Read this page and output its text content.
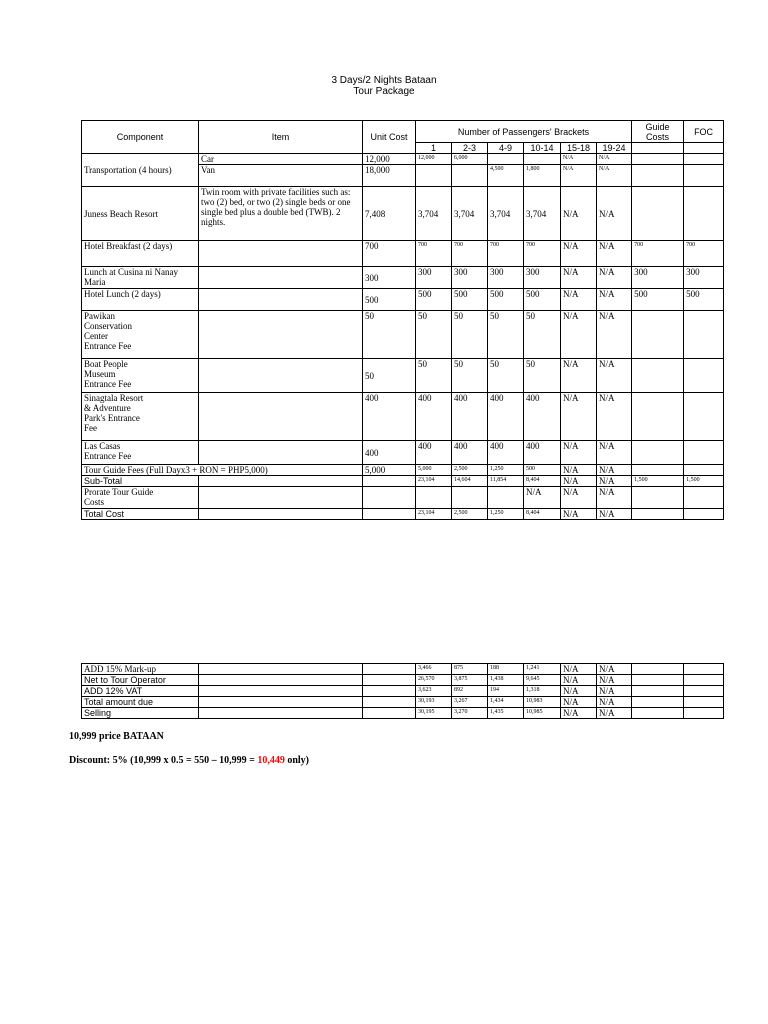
3 Days/2 Nights Bataan
Tour Package
Component	Item	Unit Cost	Number of Passengers' Brackets						Guide Costs	FOC
			1	2-3	4-9	10-14	15-18	19-24		
Transportation (4 hours)	Car	12,000	12,000	6,000			N/A	N/A		
	Van	18,000			4,500	1,800	N/A	N/A		
Juness Beach Resort	Twin room with private facilities such as: two (2) bed, or two (2) single beds or one single bed plus a double bed (TWB). 2 nights.	7,408	3,704	3,704	3,704	3,704	N/A	N/A		
Hotel Breakfast (2 days)		700	700	700	700	700	N/A	N/A	700	700
Lunch at Cusina ni Nanay Maria		300	300	300	300	300	N/A	N/A	300	300
Hotel Lunch (2 days)		500	500	500	500	500	N/A	N/A	500	500
Pawikan Conservation Center Entrance Fee		50	50	50	50	50	N/A	N/A		
Boat People Museum Entrance Fee		50	50	50	50	50	N/A	N/A		
Sinagtala Resort & Adventure Park's Entrance Fee		400	400	400	400	400	N/A	N/A		
Las Casas Entrance Fee		400	400	400	400	400	N/A	N/A		
Tour Guide Fees (Full Dayx3 + RON = PHP5,000)		5,000	5,000	2,500	1,250	500	N/A	N/A		
Sub-Total			23,104	14,604	11,854	8,404	N/A	N/A	1,500	1,500
Prorate Tour Guide Costs						N/A	N/A	N/A		
Total Cost			23,104	2,500	1,250	8,404	N/A	N/A		
ADD 15% Mark-up			3,466	875	188	1,241	N/A	N/A		
Net to Tour Operator			26,570	3,875	1,438	9,645	N/A	N/A		
ADD 12% VAT			3,623	892	194	1,318	N/A	N/A		
Total amount due			30,193	3,267	1,434	10,983	N/A	N/A		
Selling			30,195	3,270	1,435	10,985	N/A	N/A		
10,999 price BATAAN
Discount: 5% (10,999 x 0.5 = 550 – 10,999 = 10,449 only)
